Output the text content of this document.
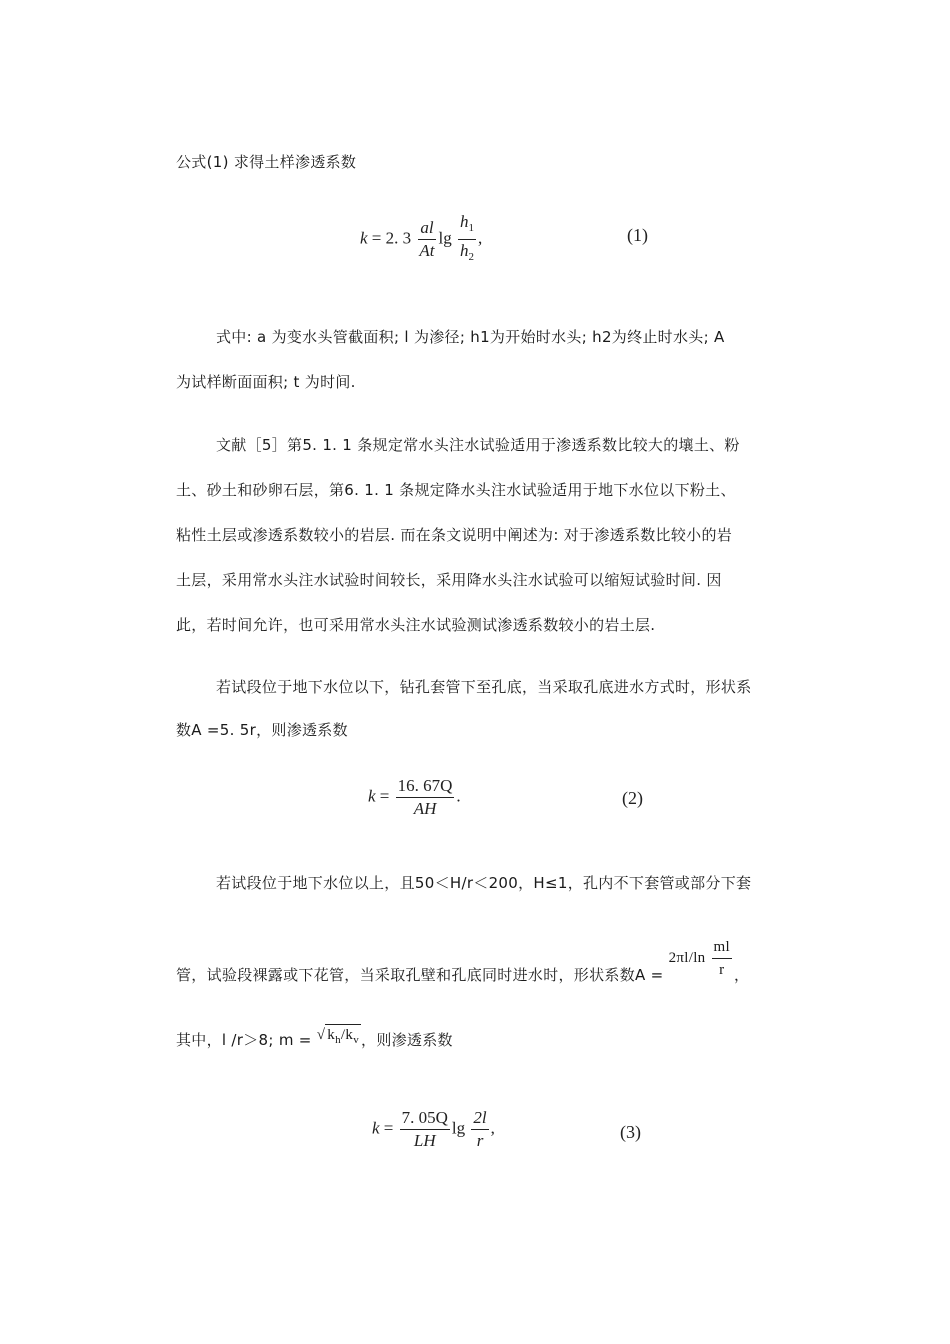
公式(1) 求得土样渗透系数
k = 2. $3 \frac{al}{At}$ $\lg \frac{h_1}{h_2}$ ,	(1)
式中: a 为变水头管截面积; l 为渗径; h1为开始时水头; h2为终止时水头; A
为试样断面面积; t 为时间.
文献［5］第5. 1. 1 条规定常水头注水试验适用于渗透系数比较大的壤土、粉
土、砂土和砂卵石层，第6. 1. 1 条规定降水头注水试验适用于地下水位以下粉土、
粘性土层或渗透系数较小的岩层. 而在条文说明中阐述为: 对于渗透系数比较小的岩
土层，采用常水头注水试验时间较长，采用降水头注水试验可以缩短试验时间. 因
此，若时间允许，也可采用常水头注水试验测试渗透系数较小的岩土层.
若试段位于地下水位以下，钻孔套管下至孔底，当采取孔底进水方式时，形状系
数A =5. 5r，则渗透系数
$k = \frac{16. 67Q}{AH}$ .	(2)
若试段位于地下水位以上，且50＜H/r＜200，H≤1，孔内不下套管或部分下套
管，试验段裸露或下花管，当采取孔壁和孔底同时进水时，形状系数$A = 2\pi l/\ln \frac{ml}{r}$ ，
其中，l /r＞8; m = √ $k_h/k_v$ ，则渗透系数
$k = \frac{7. 05Q}{LH}$ $\lg \frac{2l}{r}$ ,	(3)
